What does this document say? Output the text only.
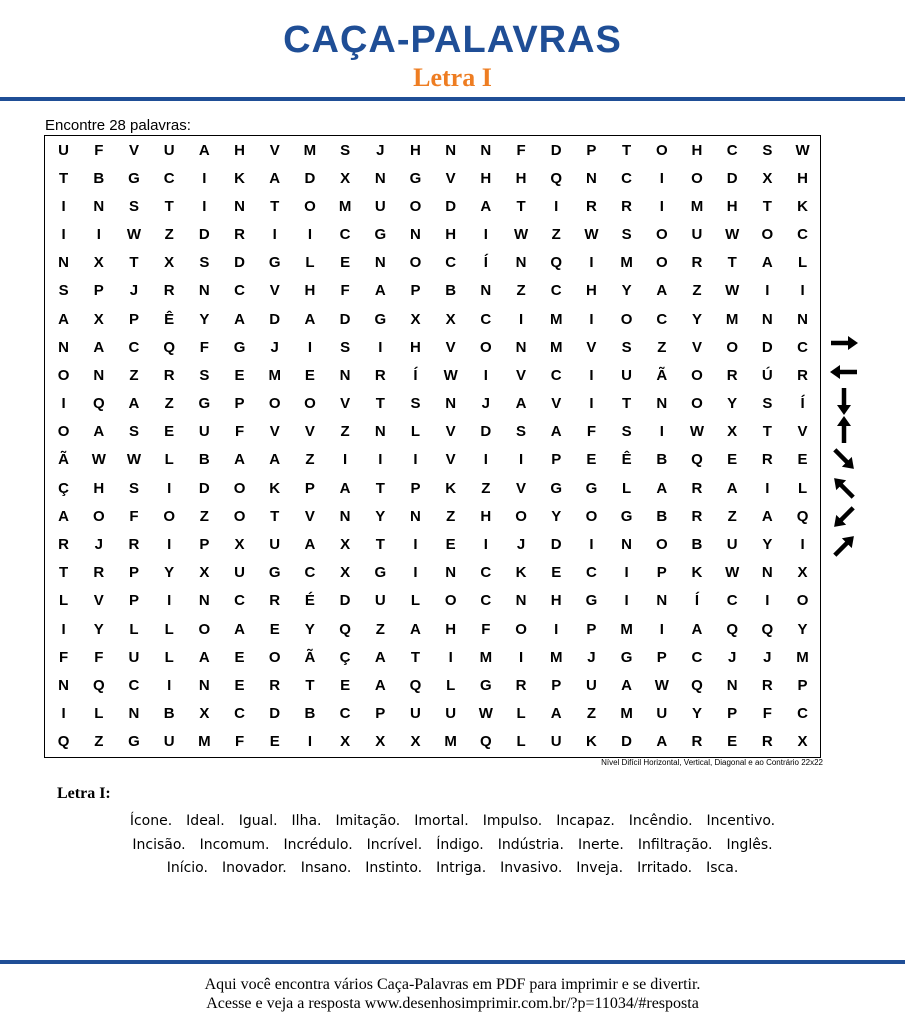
CAÇA-PALAVRAS
Letra I
Encontre 28 palavras:
U	F	V	U	A	H	V	M	S	J	H	N	N	F	D	P	T	O	H	C	S	W
T	B	G	C	I	K	A	D	X	N	G	V	H	H	Q	N	C	I	O	D	X	H
I	N	S	T	I	N	T	O	M	U	O	D	A	T	I	R	R	I	M	H	T	K
I	I	W	Z	D	R	I	I	C	G	N	H	I	W	Z	W	S	O	U	W	O	C
N	X	T	X	S	D	G	L	E	N	O	C	Í	N	Q	I	M	O	R	T	A	L
S	P	J	R	N	C	V	H	F	A	P	B	N	Z	C	H	Y	A	Z	W	I	I
A	X	P	Ê	Y	A	D	A	D	G	X	X	C	I	M	I	O	C	Y	M	N	N
N	A	C	Q	F	G	J	I	S	I	H	V	O	N	M	V	S	Z	V	O	D	C
O	N	Z	R	S	E	M	E	N	R	Í	W	I	V	C	I	U	Ã	O	R	Ú	R
I	Q	A	Z	G	P	O	O	V	T	S	N	J	A	V	I	T	N	O	Y	S	Í
O	A	S	E	U	F	V	V	Z	N	L	V	D	S	A	F	S	I	W	X	T	V
Ã	W	W	L	B	A	A	Z	I	I	I	V	I	I	P	E	Ê	B	Q	E	R	E
Ç	H	S	I	D	O	K	P	A	T	P	K	Z	V	G	G	L	A	R	A	I	L
A	O	F	O	Z	O	T	V	N	Y	N	Z	H	O	Y	O	G	B	R	Z	A	Q
R	J	R	I	P	X	U	A	X	T	I	E	I	J	D	I	N	O	B	U	Y	I
T	R	P	Y	X	U	G	C	X	G	I	N	C	K	E	C	I	P	K	W	N	X
L	V	P	I	N	C	R	É	D	U	L	O	C	N	H	G	I	N	Í	C	I	O
I	Y	L	L	O	A	E	Y	Q	Z	A	H	F	O	I	P	M	I	A	Q	Q	Y
F	F	U	L	A	E	O	Ã	Ç	A	T	I	M	I	M	J	G	P	C	J	J	M
N	Q	C	I	N	E	R	T	E	A	Q	L	G	R	P	U	A	W	Q	N	R	P
I	L	N	B	X	C	D	B	C	P	U	U	W	L	A	Z	M	U	Y	P	F	C
Q	Z	G	U	M	F	E	I	X	X	X	M	Q	L	U	K	D	A	R	E	R	X
Nível Difícil Horizontal, Vertical, Diagonal e ao Contrário 22x22
Letra I:
Ícone. Ideal. Igual. Ilha. Imitação. Imortal. Impulso. Incapaz. Incêndio. Incentivo.
Incisão. Incomum. Incrédulo. Incrível. Índigo. Indústria. Inerte. Infiltração. Inglês.
Início. Inovador. Insano. Instinto. Intriga. Invasivo. Inveja. Irritado. Isca.
Aqui você encontra vários Caça-Palavras em PDF para imprimir e se divertir.
Acesse e veja a resposta www.desenhosimprimir.com.br/?p=11034/#resposta
